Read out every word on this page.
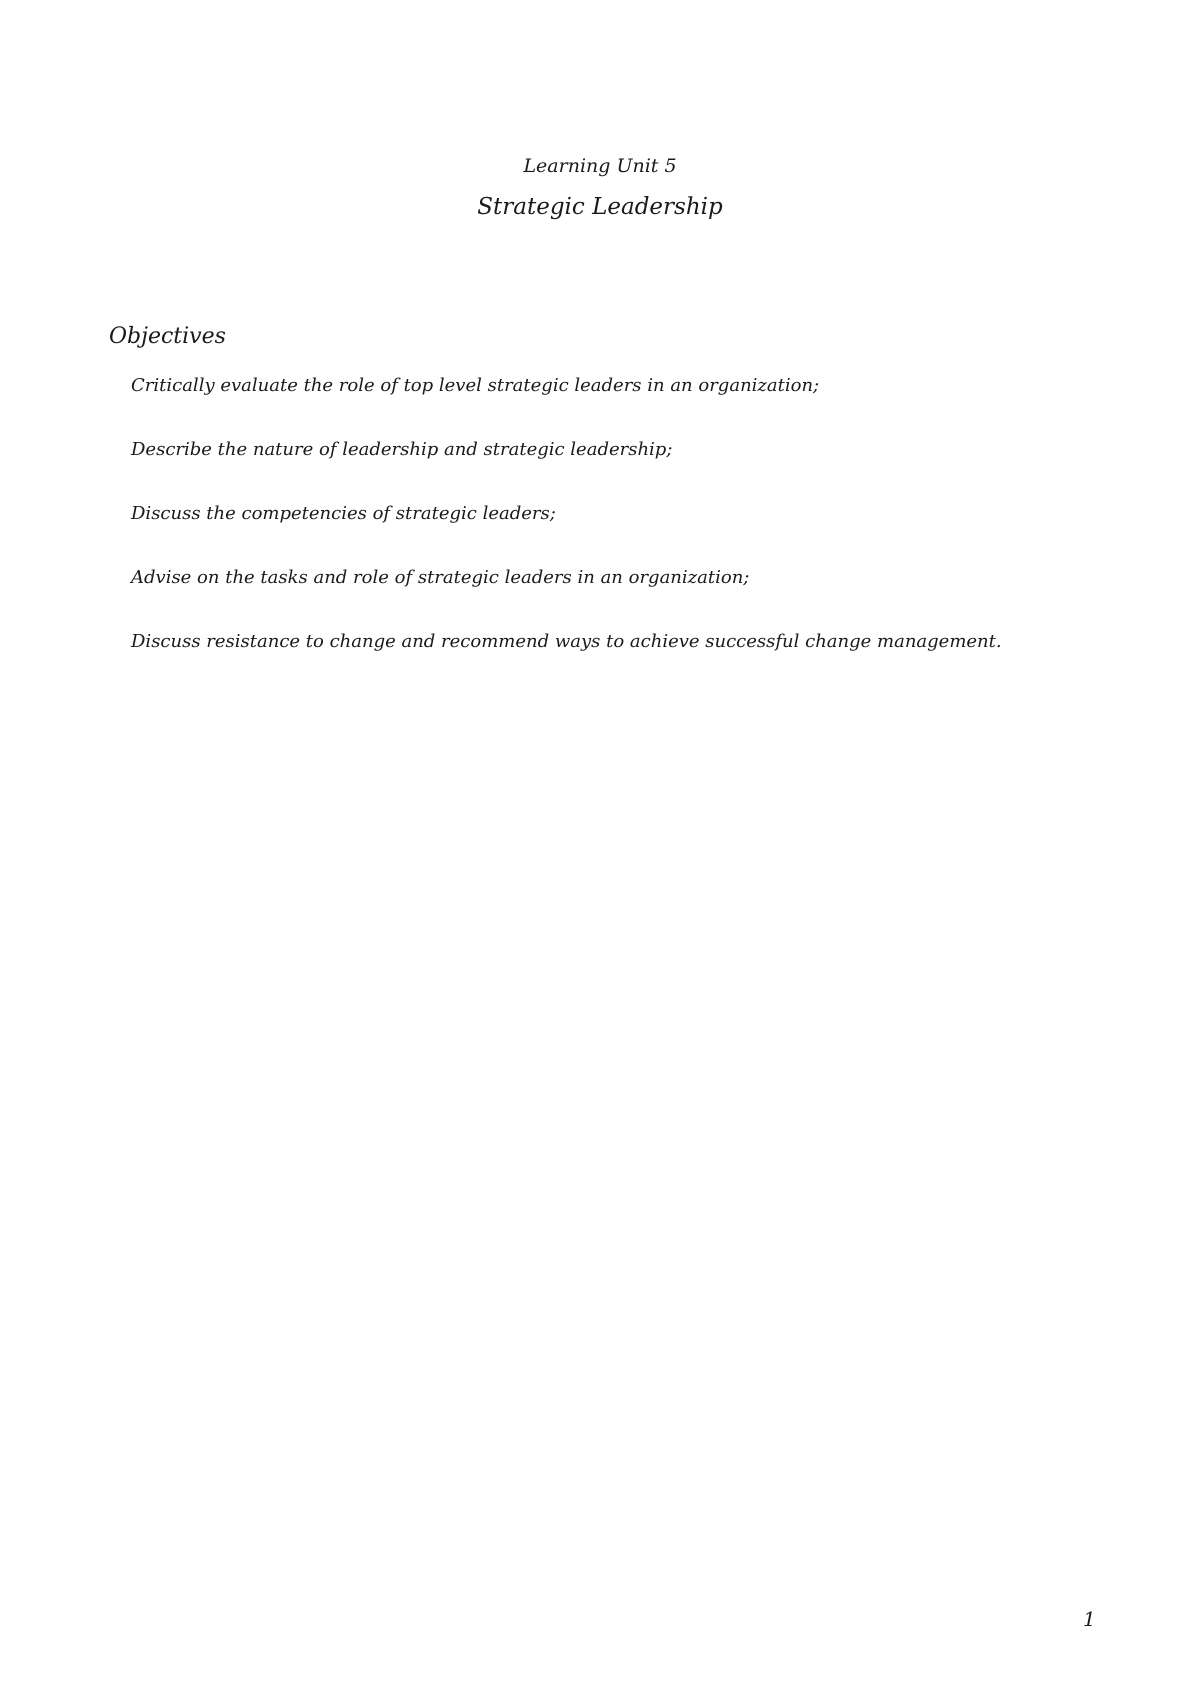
Learning Unit 5
Strategic Leadership
Objectives
Critically evaluate the role of top level strategic leaders in an organization;
Describe the nature of leadership and strategic leadership;
Discuss the competencies of strategic leaders;
Advise on the tasks and role of strategic leaders in an organization;
Discuss resistance to change and recommend ways to achieve successful change management.
1
